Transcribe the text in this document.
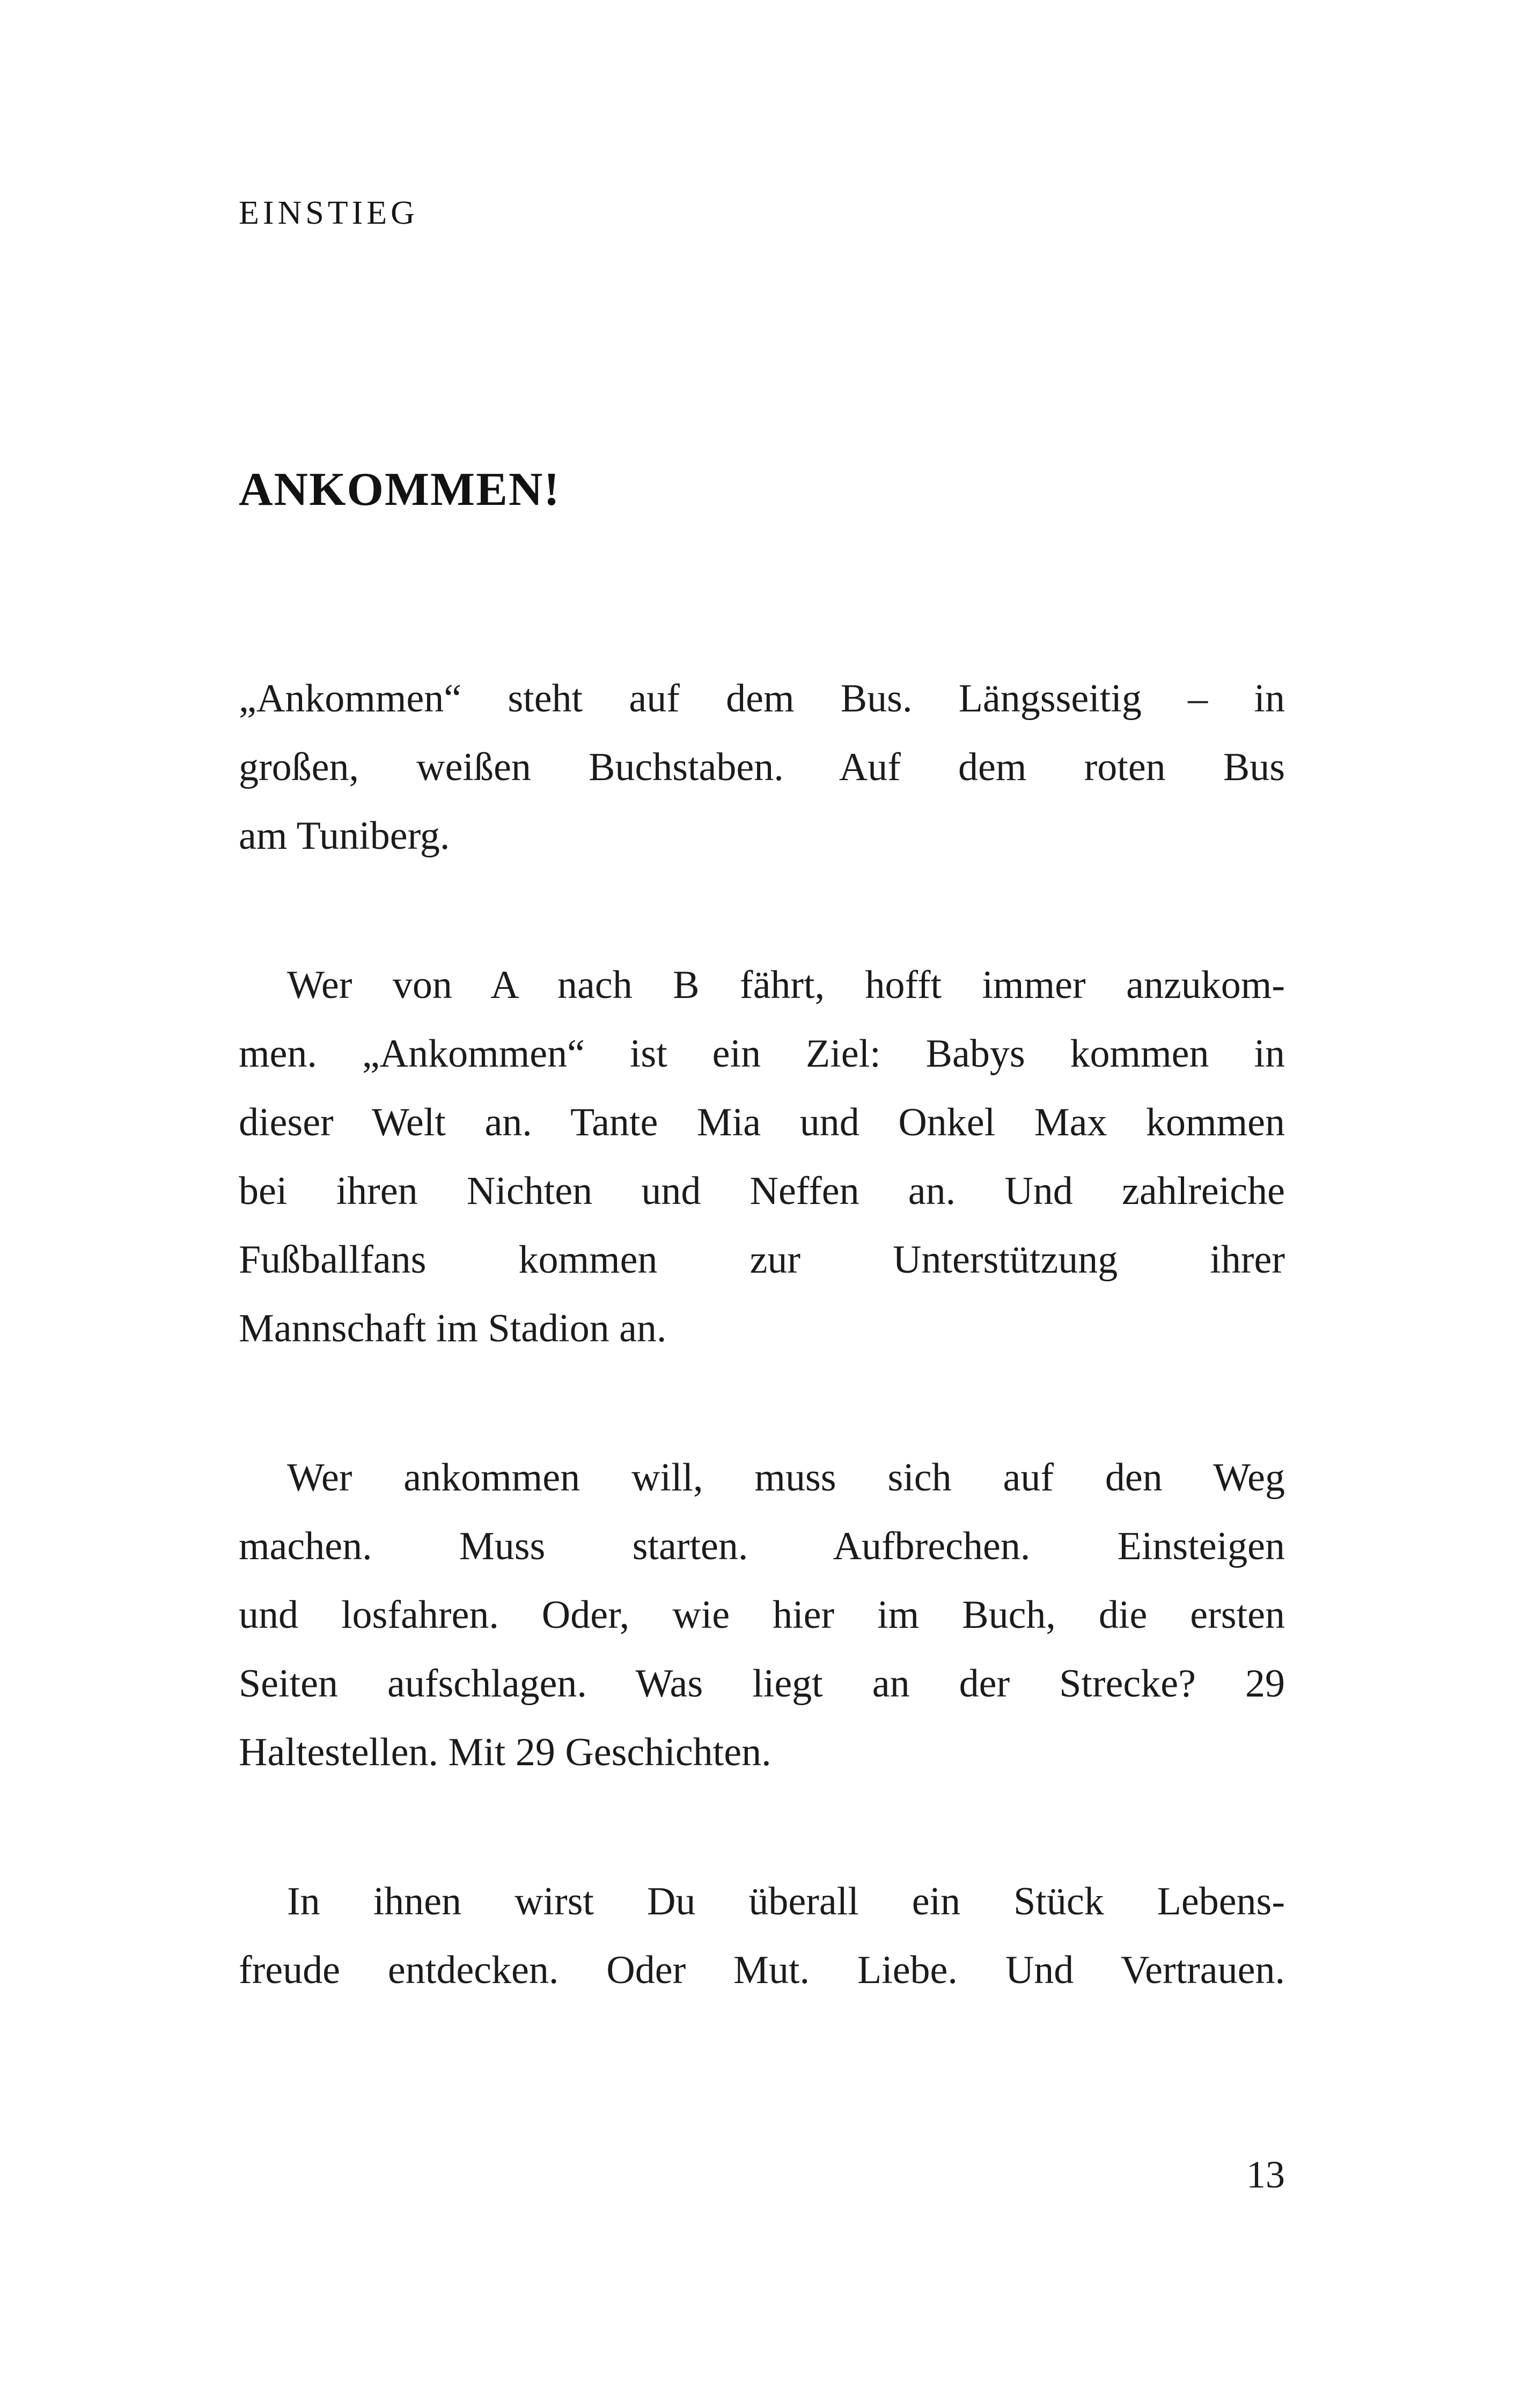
EINSTIEG
ANKOMMEN!
„Ankommen“ steht auf dem Bus. Längsseitig – in
großen, weißen Buchstaben. Auf dem roten Bus
am Tuniberg.
Wer von A nach B fährt, hofft immer anzukom-
men. „Ankommen“ ist ein Ziel: Babys kommen in
dieser Welt an. Tante Mia und Onkel Max kommen
bei ihren Nichten und Neffen an. Und zahlreiche
Fußballfans kommen zur Unterstützung ihrer
Mannschaft im Stadion an.
Wer ankommen will, muss sich auf den Weg
machen. Muss starten. Aufbrechen. Einsteigen
und losfahren. Oder, wie hier im Buch, die ersten
Seiten aufschlagen. Was liegt an der Strecke? 29
Haltestellen. Mit 29 Geschichten.
In ihnen wirst Du überall ein Stück Lebens-
freude entdecken. Oder Mut. Liebe. Und Vertrauen.
13
